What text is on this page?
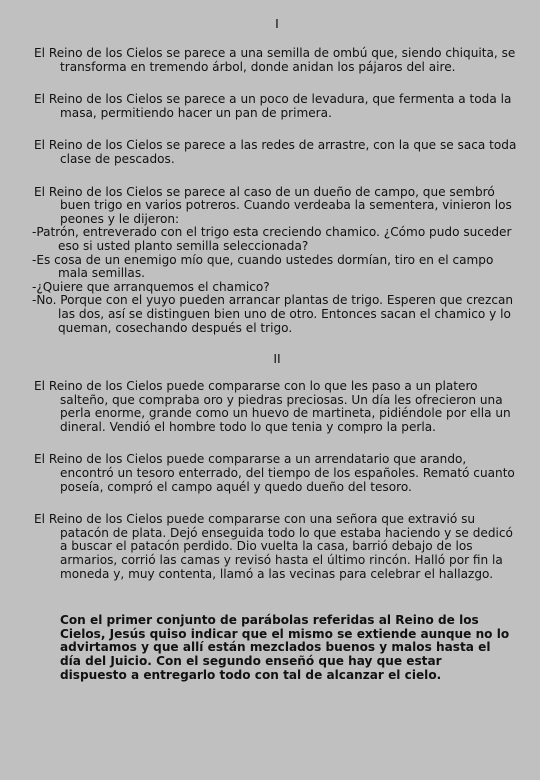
I

El Reino de los Cielos se parece a una semilla de ombú que, siendo chiquita, se transforma en tremendo árbol, donde anidan los pájaros del aire.

El Reino de los Cielos se parece a un poco de levadura, que fermenta a toda la masa, permitiendo hacer un pan de primera.

El Reino de los Cielos se parece a las redes de arrastre, con la que se saca toda clase de pescados.

El Reino de los Cielos se parece al caso de un dueño de campo, que sembró buen trigo en varios potreros. Cuando verdeaba la sementera, vinieron los peones y le dijeron:

-Patrón, entreverado con el trigo esta creciendo chamico. ¿Cómo pudo suceder eso si usted planto semilla seleccionada?

-Es cosa de un enemigo mío que, cuando ustedes dormían, tiro en el campo mala semillas.

-¿Quiere que arranquemos el chamico?

-No. Porque con el yuyo pueden arrancar plantas de trigo. Esperen que crezcan las dos, así se distinguen bien uno de otro. Entonces sacan el chamico y lo queman, cosechando después el trigo.

II

El Reino de los Cielos puede compararse con lo que les paso a un platero salteño, que compraba oro y piedras preciosas. Un día les ofrecieron una perla enorme, grande como un huevo de martineta, pidiéndole por ella un dineral. Vendió el hombre todo lo que tenia y compro la perla.

El Reino de los Cielos puede compararse a un arrendatario que arando, encontró un tesoro enterrado, del tiempo de los españoles. Remató cuanto poseía, compró el campo aquél y quedo dueño del tesoro.

El Reino de los Cielos puede compararse con una señora que extravió su patacón de plata. Dejó enseguida todo lo que estaba haciendo y se dedicó a buscar el patacón perdido. Dio vuelta la casa, barrió debajo de los armarios, corrió las camas y revisó hasta el último rincón. Halló por fin la moneda y, muy contenta, llamó a las vecinas para celebrar el hallazgo.

Con el primer conjunto de parábolas referidas al Reino de los Cielos, Jesús quiso indicar que el mismo se extiende aunque no lo advirtamos y que allí están mezclados buenos y malos hasta el día del Juicio. Con el segundo enseñó que hay que estar dispuesto a entregarlo todo con tal de alcanzar el cielo.
